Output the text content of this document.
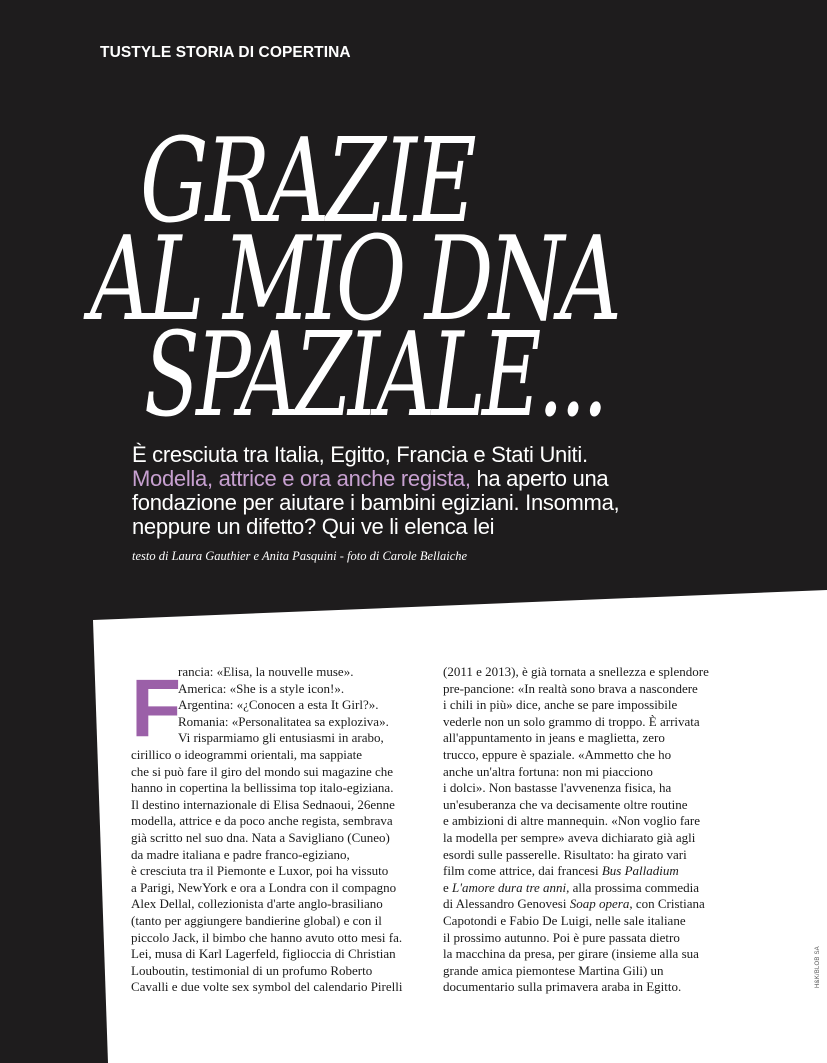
TUSTYLE STORIA DI COPERTINA
GRAZIE
AL MIO DNA
SPAZIALE...
È cresciuta tra Italia, Egitto, Francia e Stati Uniti.
Modella, attrice e ora anche regista, ha aperto una
fondazione per aiutare i bambini egiziani. Insomma,
neppure un difetto? Qui ve li elenca lei
testo di Laura Gauthier e Anita Pasquini - foto di Carole Bellaiche
F

rancia: «Elisa, la nouvelle muse».

America: «She is a style icon!».

Argentina: «¿Conocen a esta It Girl?».

Romania: «Personalitatea sa exploziva».

Vi risparmiamo gli entusiasmi in arabo,

cirillico o ideogrammi orientali, ma sappiate

che si può fare il giro del mondo sui magazine che

hanno in copertina la bellissima top italo-egiziana.

Il destino internazionale di Elisa Sednaoui, 26enne

modella, attrice e da poco anche regista, sembrava

già scritto nel suo dna. Nata a Savigliano (Cuneo)

da madre italiana e padre franco-egiziano,

è cresciuta tra il Piemonte e Luxor, poi ha vissuto

a Parigi, NewYork e ora a Londra con il compagno

Alex Dellal, collezionista d'arte anglo-brasiliano

(tanto per aggiungere bandierine global) e con il

piccolo Jack, il bimbo che hanno avuto otto mesi fa.

Lei, musa di Karl Lagerfeld, figlioccia di Christian

Louboutin, testimonial di un profumo Roberto

Cavalli e due volte sex symbol del calendario Pirelli

(2011 e 2013), è già tornata a snellezza e splendore

pre-pancione: «In realtà sono brava a nascondere

i chili in più» dice, anche se pare impossibile

vederle non un solo grammo di troppo. È arrivata

all'appuntamento in jeans e maglietta, zero

trucco, eppure è spaziale. «Ammetto che ho

anche un'altra fortuna: non mi piacciono

i dolci». Non bastasse l'avvenenza fisica, ha

un'esuberanza che va decisamente oltre routine

e ambizioni di altre mannequin. «Non voglio fare

la modella per sempre» aveva dichiarato già agli

esordi sulle passerelle. Risultato: ha girato vari

film come attrice, dai francesi Bus Palladium

e L'amore dura tre anni, alla prossima commedia

di Alessandro Genovesi Soap opera, con Cristiana

Capotondi e Fabio De Luigi, nelle sale italiane

il prossimo autunno. Poi è pure passata dietro

la macchina da presa, per girare (insieme alla sua

grande amica piemontese Martina Gili) un

documentario sulla primavera araba in Egitto.	H&K/BLOB SA
